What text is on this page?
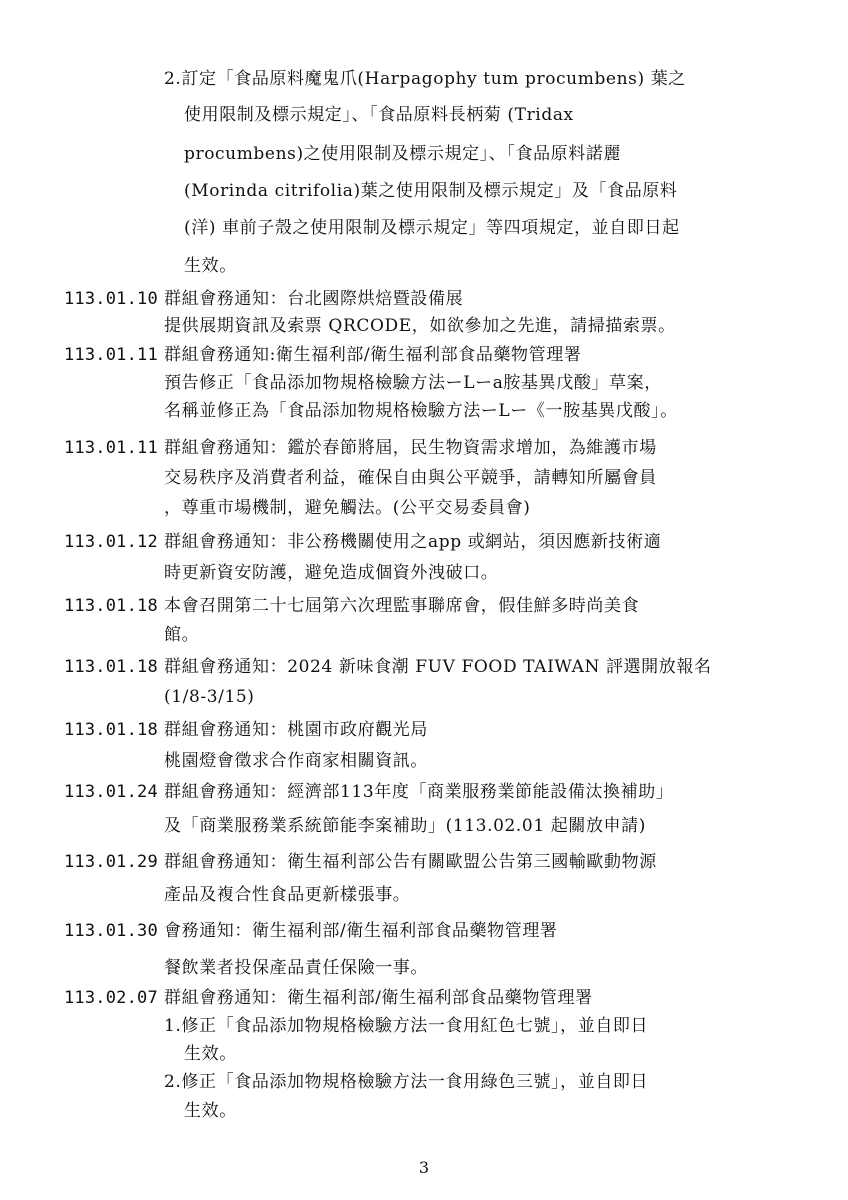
2.訂定「食品原料魔鬼爪(Harpagophy tum procumbens) 葉之
使用限制及標示規定」、「食品原料長柄菊 (Tridax
procumbens)之使用限制及標示規定」、「食品原料諾麗
(Morinda citrifolia)葉之使用限制及標示規定」及「食品原料
(洋) 車前子殼之使用限制及標示規定」等四項規定，並自即日起
生效。
113.01.10 群組會務通知：台北國際烘焙暨設備展
提供展期資訊及索票 QRCODE，如欲參加之先進，請掃描索票。
113.01.11 群組會務通知:衛生福利部/衛生福利部食品藥物管理署
預告修正「食品添加物規格檢驗方法ーLーa胺基異戊酸」草案，
名稱並修正為「食品添加物規格檢驗方法ーLー《一胺基異戊酸」。
113.01.11 群組會務通知：鑑於春節將屆，民生物資需求增加，為維護市場
交易秩序及消費者利益，確保自由與公平競爭，請轉知所屬會員
，尊重市場機制，避免觸法。(公平交易委員會)
113.01.12 群組會務通知：非公務機關使用之app 或網站，須因應新技術適
時更新資安防護，避免造成個資外洩破口。
113.01.18 本會召開第二十七屆第六次理監事聯席會，假佳鮮多時尚美食
館。
113.01.18 群組會務通知：2024 新味食潮 FUV FOOD TAIWAN 評選開放報名
(1/8-3/15)
113.01.18 群組會務通知：桃園市政府觀光局
桃園燈會徵求合作商家相關資訊。
113.01.24 群組會務通知：經濟部113年度「商業服務業節能設備汰換補助」
及「商業服務業系統節能李案補助」(113.02.01 起關放申請)
113.01.29 群組會務通知：衛生福利部公告有關歐盟公告第三國輸歐動物源
產品及複合性食品更新樣張事。
113.01.30 會務通知：衛生福利部/衛生福利部食品藥物管理署
餐飲業者投保產品責任保險一事。
113.02.07 群組會務通知：衛生福利部/衛生福利部食品藥物管理署
1.修正「食品添加物規格檢驗方法一食用紅色七號」，並自即日
生效。
2.修正「食品添加物規格檢驗方法一食用綠色三號」，並自即日
生效。
3
